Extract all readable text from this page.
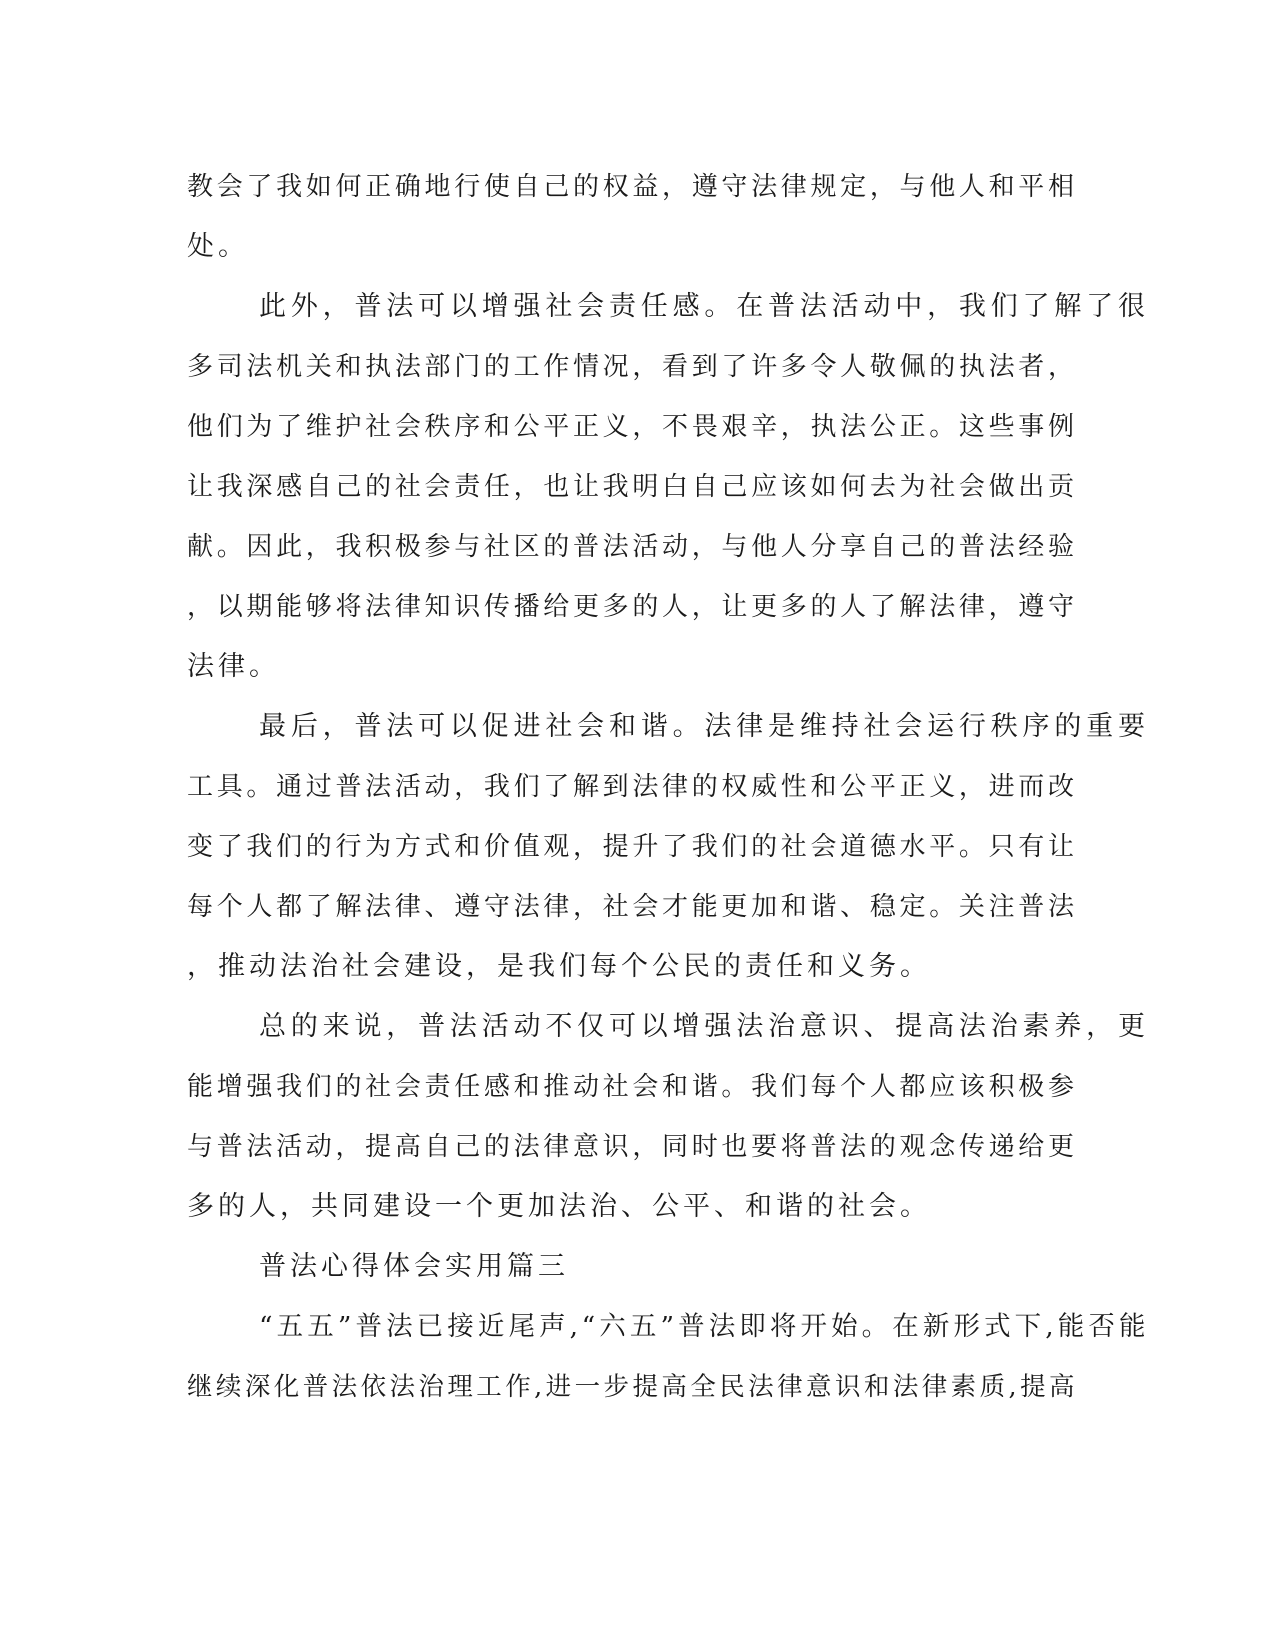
教会了我如何正确地行使自己的权益，遵守法律规定，与他人和平相
处。
此外，普法可以增强社会责任感。在普法活动中，我们了解了很
多司法机关和执法部门的工作情况，看到了许多令人敬佩的执法者，
他们为了维护社会秩序和公平正义，不畏艰辛，执法公正。这些事例
让我深感自己的社会责任，也让我明白自己应该如何去为社会做出贡
献。因此，我积极参与社区的普法活动，与他人分享自己的普法经验
，以期能够将法律知识传播给更多的人，让更多的人了解法律，遵守
法律。
最后，普法可以促进社会和谐。法律是维持社会运行秩序的重要
工具。通过普法活动，我们了解到法律的权威性和公平正义，进而改
变了我们的行为方式和价值观，提升了我们的社会道德水平。只有让
每个人都了解法律、遵守法律，社会才能更加和谐、稳定。关注普法
，推动法治社会建设，是我们每个公民的责任和义务。
总的来说，普法活动不仅可以增强法治意识、提高法治素养，更
能增强我们的社会责任感和推动社会和谐。我们每个人都应该积极参
与普法活动，提高自己的法律意识，同时也要将普法的观念传递给更
多的人，共同建设一个更加法治、公平、和谐的社会。
普法心得体会实用篇三
“五五”普法已接近尾声,“六五”普法即将开始。在新形式下,能否能
继续深化普法依法治理工作,进一步提高全民法律意识和法律素质,提高
